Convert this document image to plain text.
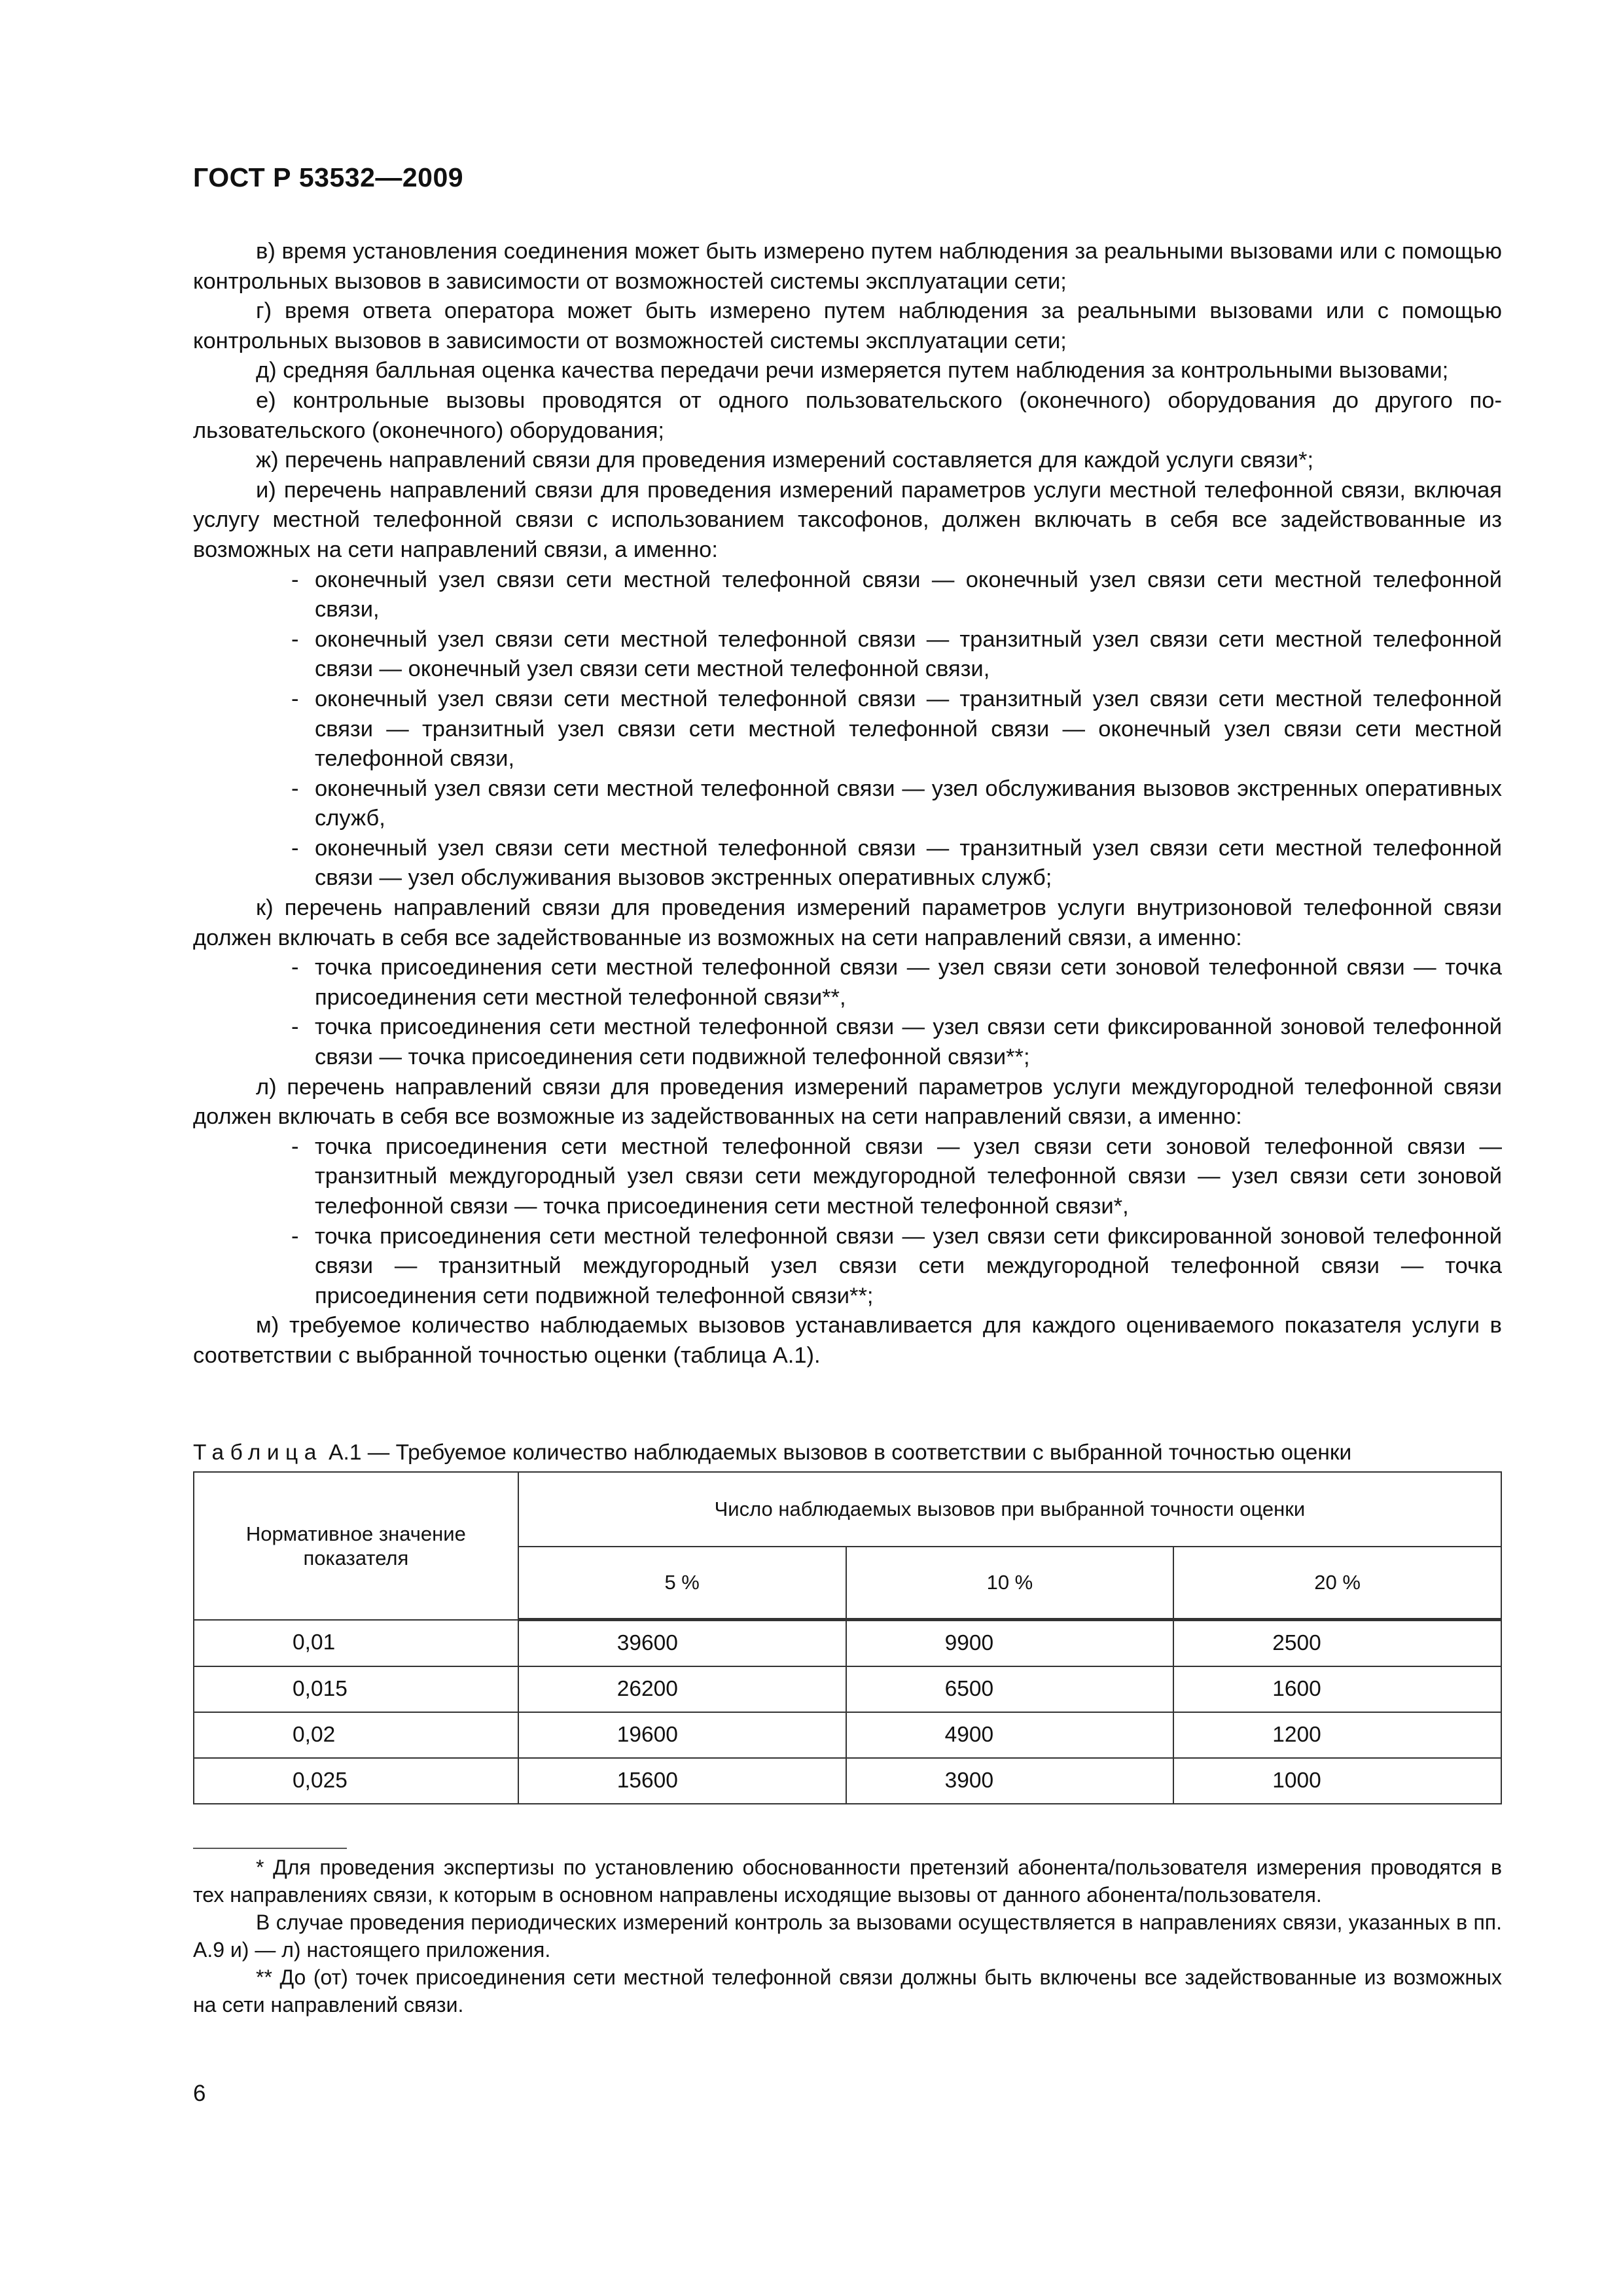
ГОСТ Р 53532—2009

в) время установления соединения может быть измерено путем наблюдения за реальными вызовами или с помощью контрольных вызовов в зависимости от возможностей системы эксплуатации сети;

г) время ответа оператора может быть измерено путем наблюдения за реальными вызовами или с помощью контрольных вызовов в зависимости от возможностей системы эксплуатации сети;

д) средняя балльная оценка качества передачи речи измеряется путем наблюдения за контрольными вызовами;

е) контрольные вызовы проводятся от одного пользовательского (оконечного) оборудования до другого пользовательского (оконечного) оборудования;

ж) перечень направлений связи для проведения измерений составляется для каждой услуги связи*;

и) перечень направлений связи для проведения измерений параметров услуги местной телефонной связи, включая услугу местной телефонной связи с использованием таксофонов, должен включать в себя все задействованные из возможных на сети направлений связи, а именно:

- оконечный узел связи сети местной телефонной связи — оконечный узел связи сети местной телефонной связи,

- оконечный узел связи сети местной телефонной связи — транзитный узел связи сети местной телефонной связи — оконечный узел связи сети местной телефонной связи,

- оконечный узел связи сети местной телефонной связи — транзитный узел связи сети местной телефонной связи — транзитный узел связи сети местной телефонной связи — оконечный узел связи сети местной телефонной связи,

- оконечный узел связи сети местной телефонной связи — узел обслуживания вызовов экстренных оперативных служб,

- оконечный узел связи сети местной телефонной связи — транзитный узел связи сети местной телефонной связи — узел обслуживания вызовов экстренных оперативных служб;

к) перечень направлений связи для проведения измерений параметров услуги внутризоновой телефонной связи должен включать в себя все задействованные из возможных на сети направлений связи, а именно:

- точка присоединения сети местной телефонной связи — узел связи сети зоновой телефонной связи — точка присоединения сети местной телефонной связи**,

- точка присоединения сети местной телефонной связи — узел связи сети фиксированной зоновой телефонной связи — точка присоединения сети подвижной телефонной связи**;

л) перечень направлений связи для проведения измерений параметров услуги междугородной телефонной связи должен включать в себя все возможные из задействованных на сети направлений связи, а именно:

- точка присоединения сети местной телефонной связи — узел связи сети зоновой телефонной связи — транзитный междугородный узел связи сети междугородной телефонной связи — узел связи сети зоновой телефонной связи — точка присоединения сети местной телефонной связи*,

- точка присоединения сети местной телефонной связи — узел связи сети фиксированной зоновой телефонной связи — транзитный междугородный узел связи сети междугородной телефонной связи — точка присоединения сети подвижной телефонной связи**;

м) требуемое количество наблюдаемых вызовов устанавливается для каждого оцениваемого показателя услуги в соответствии с выбранной точностью оценки (таблица А.1).

Таблица А.1 — Требуемое количество наблюдаемых вызовов в соответствии с выбранной точностью оценки
Нормативное значение показателя	Число наблюдаемых вызовов при выбранной точности оценки		
	5 %	10 %	20 %
0,01	39600	9900	2500
0,015	26200	6500	1600
0,02	19600	4900	1200
0,025	15600	3900	1000

* Для проведения экспертизы по установлению обоснованности претензий абонента/пользователя измерения проводятся в тех направлениях связи, к которым в основном направлены исходящие вызовы от данного абонента/пользователя.

В случае проведения периодических измерений контроль за вызовами осуществляется в направлениях связи, указанных в пп. А.9 и) — л) настоящего приложения.

** До (от) точек присоединения сети местной телефонной связи должны быть включены все задействованные из возможных на сети направлений связи.

6
